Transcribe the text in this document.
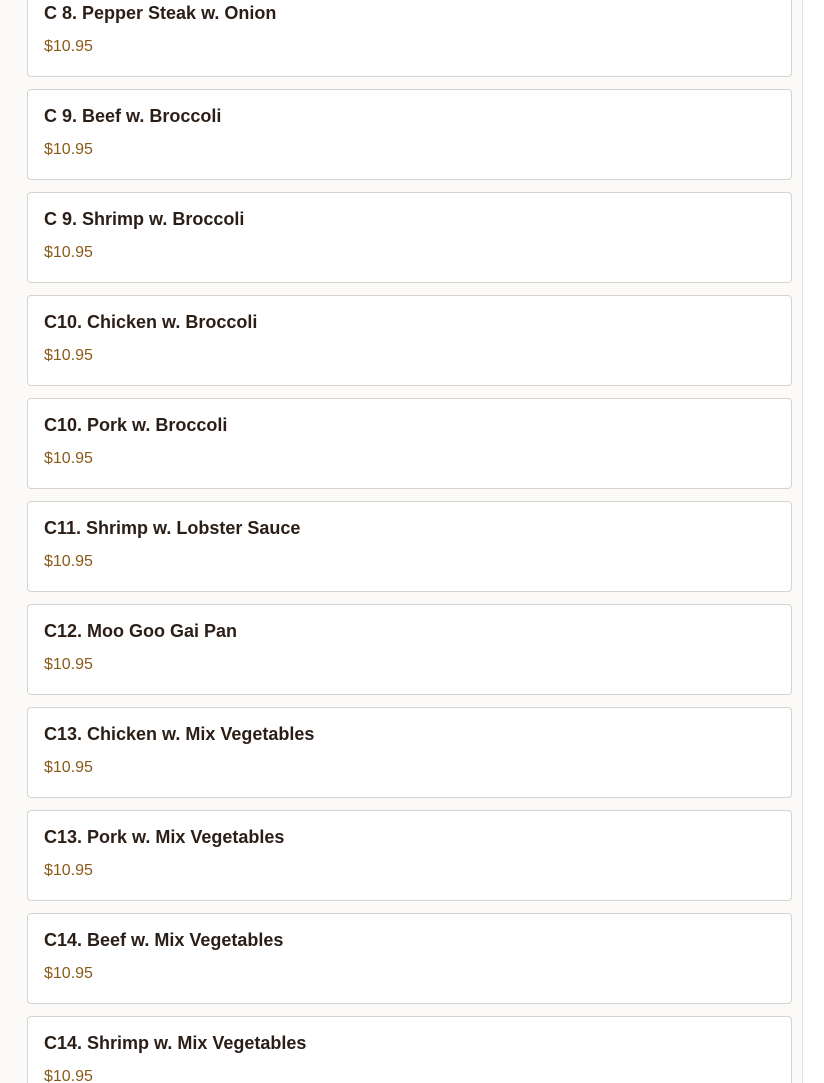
C 8. Pepper Steak w. Onion
$10.95
C 9. Beef w. Broccoli
$10.95
C 9. Shrimp w. Broccoli
$10.95
C10. Chicken w. Broccoli
$10.95
C10. Pork w. Broccoli
$10.95
C11. Shrimp w. Lobster Sauce
$10.95
C12. Moo Goo Gai Pan
$10.95
C13. Chicken w. Mix Vegetables
$10.95
C13. Pork w. Mix Vegetables
$10.95
C14. Beef w. Mix Vegetables
$10.95
C14. Shrimp w. Mix Vegetables
$10.95
